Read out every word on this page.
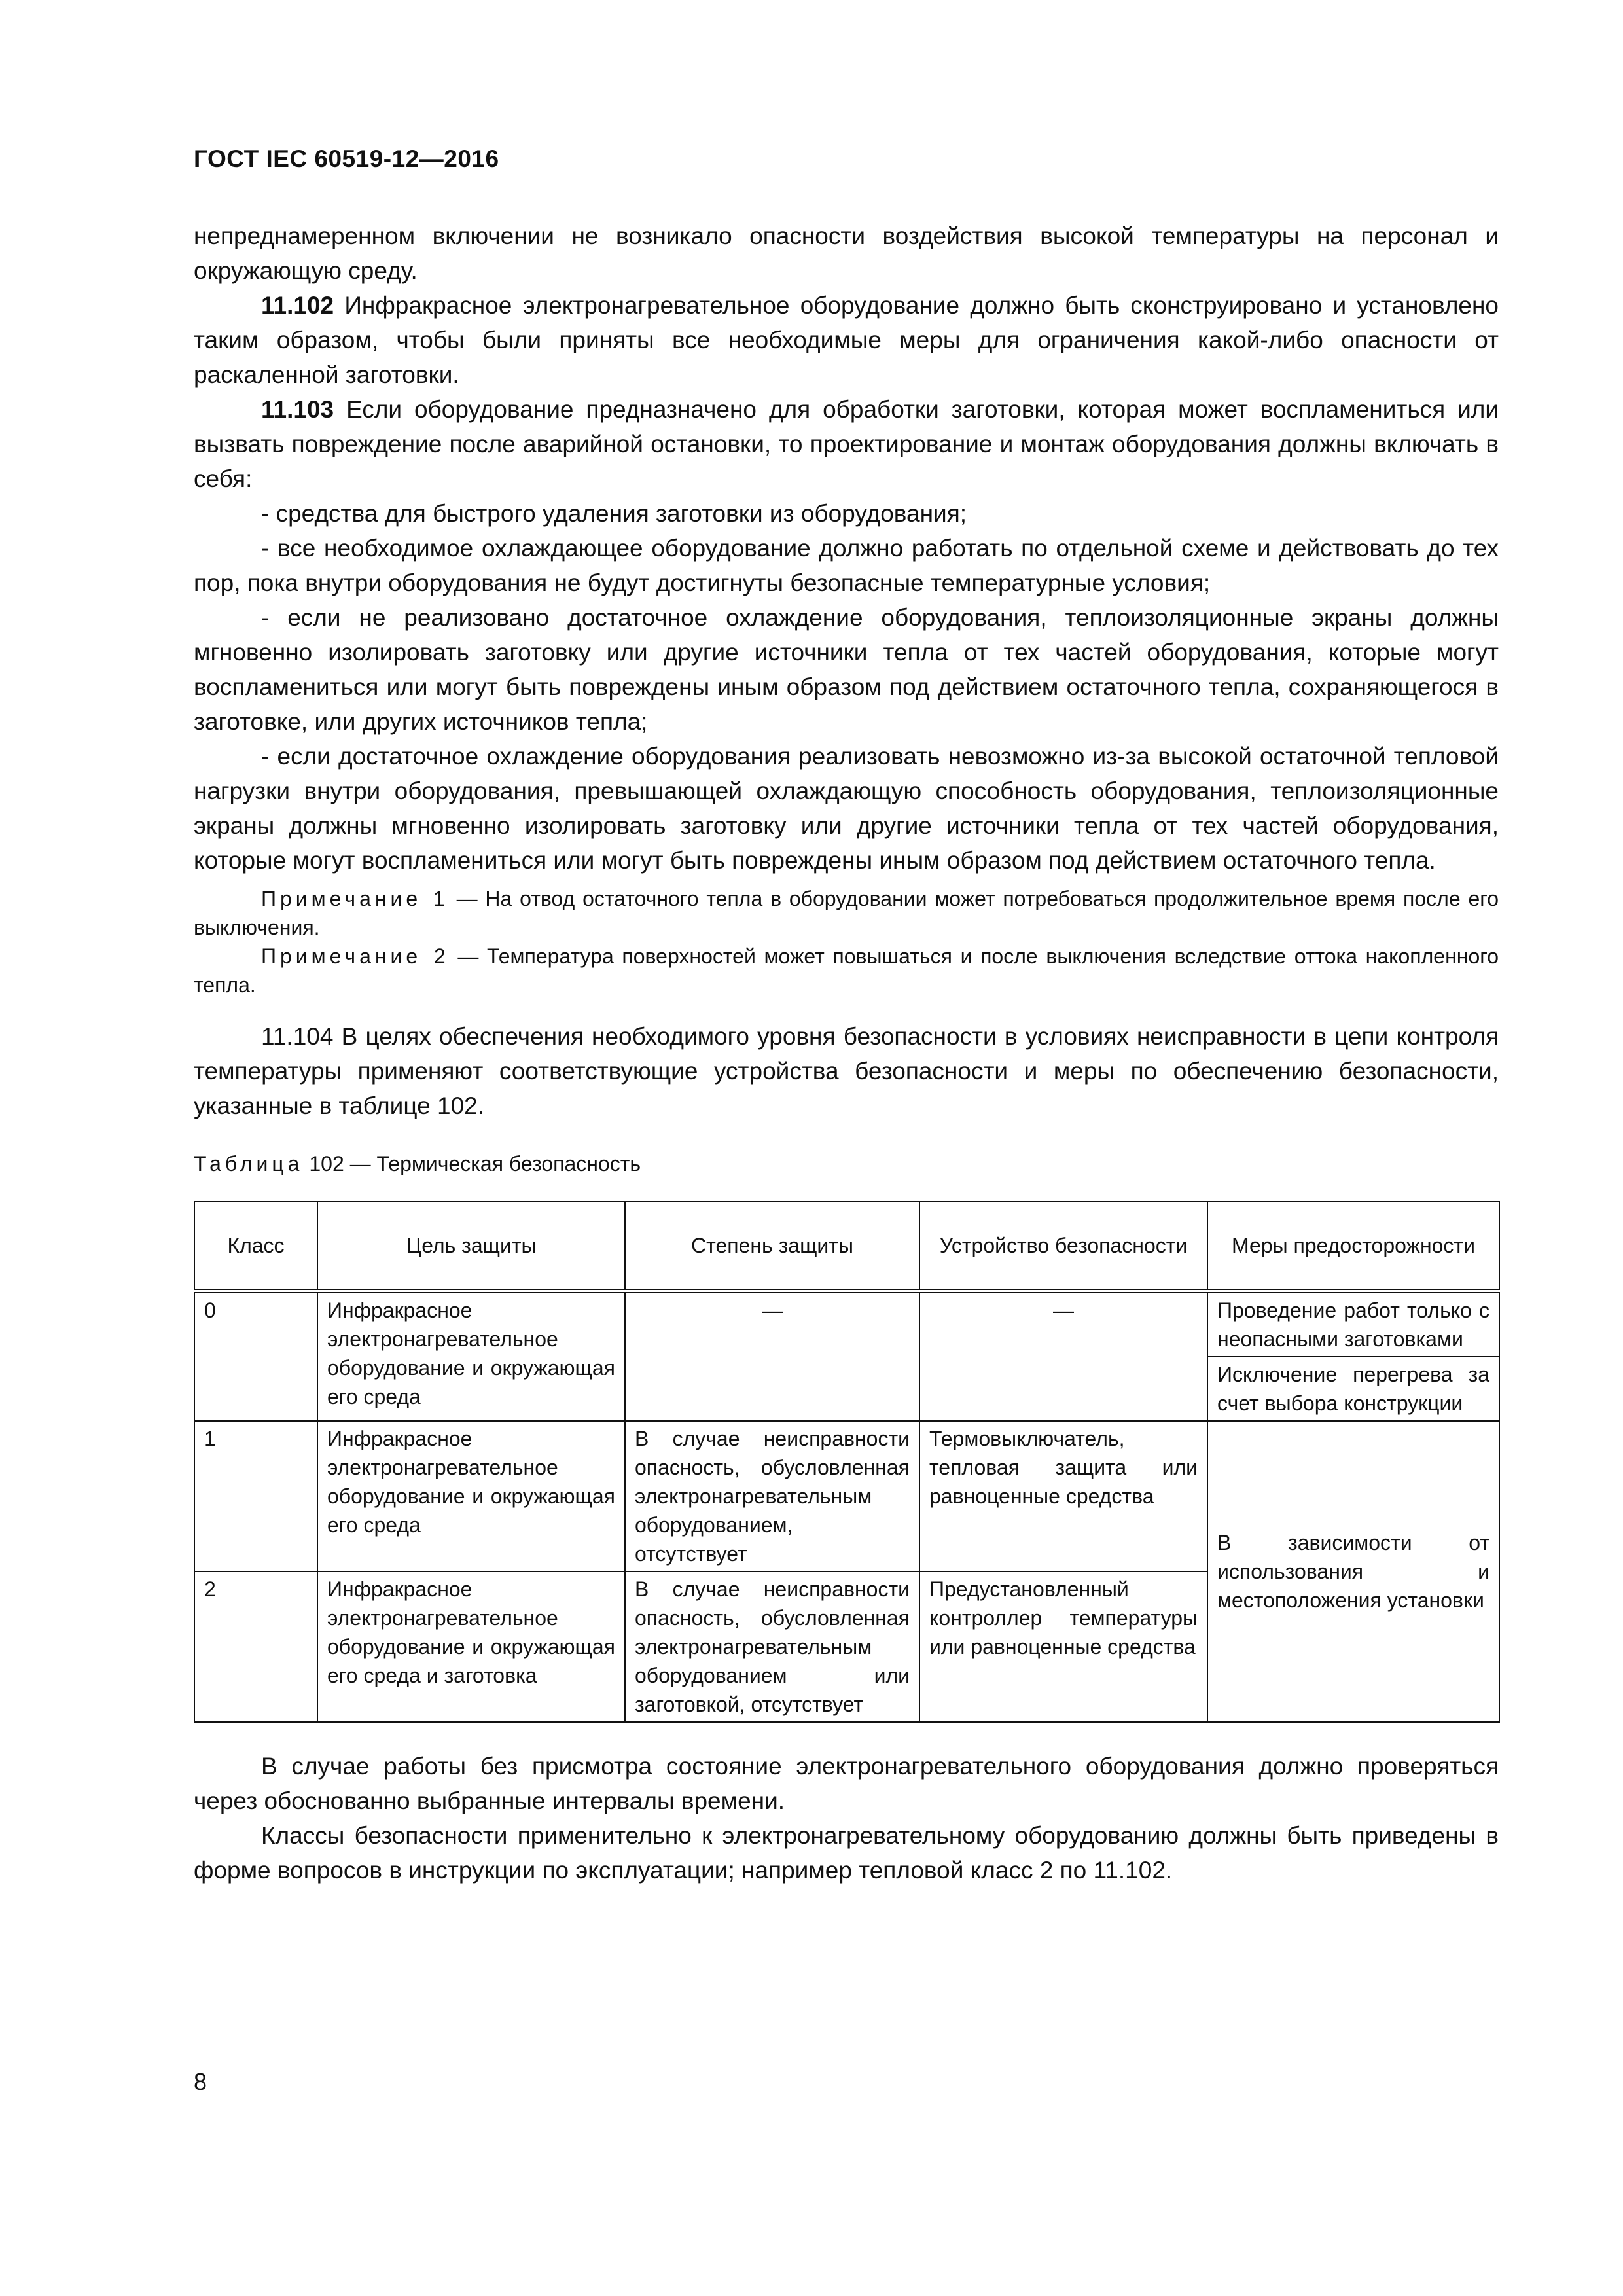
ГОСТ IEC 60519-12—2016

непреднамеренном включении не возникало опасности воздействия высокой температуры на персонал и окружающую среду.

11.102 Инфракрасное электронагревательное оборудование должно быть сконструировано и установлено таким образом, чтобы были приняты все необходимые меры для ограничения какой-либо опасности от раскаленной заготовки.

11.103 Если оборудование предназначено для обработки заготовки, которая может воспламениться или вызвать повреждение после аварийной остановки, то проектирование и монтаж оборудования должны включать в себя:

- средства для быстрого удаления заготовки из оборудования;

- все необходимое охлаждающее оборудование должно работать по отдельной схеме и действовать до тех пор, пока внутри оборудования не будут достигнуты безопасные температурные условия;

- если не реализовано достаточное охлаждение оборудования, теплоизоляционные экраны должны мгновенно изолировать заготовку или другие источники тепла от тех частей оборудования, которые могут воспламениться или могут быть повреждены иным образом под действием остаточного тепла, сохраняющегося в заготовке, или других источников тепла;

- если достаточное охлаждение оборудования реализовать невозможно из-за высокой остаточной тепловой нагрузки внутри оборудования, превышающей охлаждающую способность оборудования, теплоизоляционные экраны должны мгновенно изолировать заготовку или другие источники тепла от тех частей оборудования, которые могут воспламениться или могут быть повреждены иным образом под действием остаточного тепла.

Примечание 1 — На отвод остаточного тепла в оборудовании может потребоваться продолжительное время после его выключения.

Примечание 2 — Температура поверхностей может повышаться и после выключения вследствие оттока накопленного тепла.

11.104 В целях обеспечения необходимого уровня безопасности в условиях неисправности в цепи контроля температуры применяют соответствующие устройства безопасности и меры по обеспечению безопасности, указанные в таблице 102.

Таблица 102 — Термическая безопасность
Класс	Цель защиты	Степень защиты	Устройство безопасности	Меры предосторожности
0	Инфракрасное электронагревательное оборудование и окружающая его среда	—	—	Проведение работ только с неопасными заготовками
				Исключение перегрева за счет выбора конструкции
1	Инфракрасное электронагревательное оборудование и окружающая его среда	В случае неисправности опасность, обусловленная электронагревательным оборудованием, отсутствует	Термовыключатель, тепловая защита или равноценные средства	В зависимости от использования и местоположения установки
2	Инфракрасное электронагревательное оборудование и окружающая его среда и заготовка	В случае неисправности опасность, обусловленная электронагревательным оборудованием или заготовкой, отсутствует	Предустановленный контроллер температуры или равноценные средства	

В случае работы без присмотра состояние электронагревательного оборудования должно проверяться через обоснованно выбранные интервалы времени.

Классы безопасности применительно к электронагревательному оборудованию должны быть приведены в форме вопросов в инструкции по эксплуатации; например тепловой класс 2 по 11.102.

8
